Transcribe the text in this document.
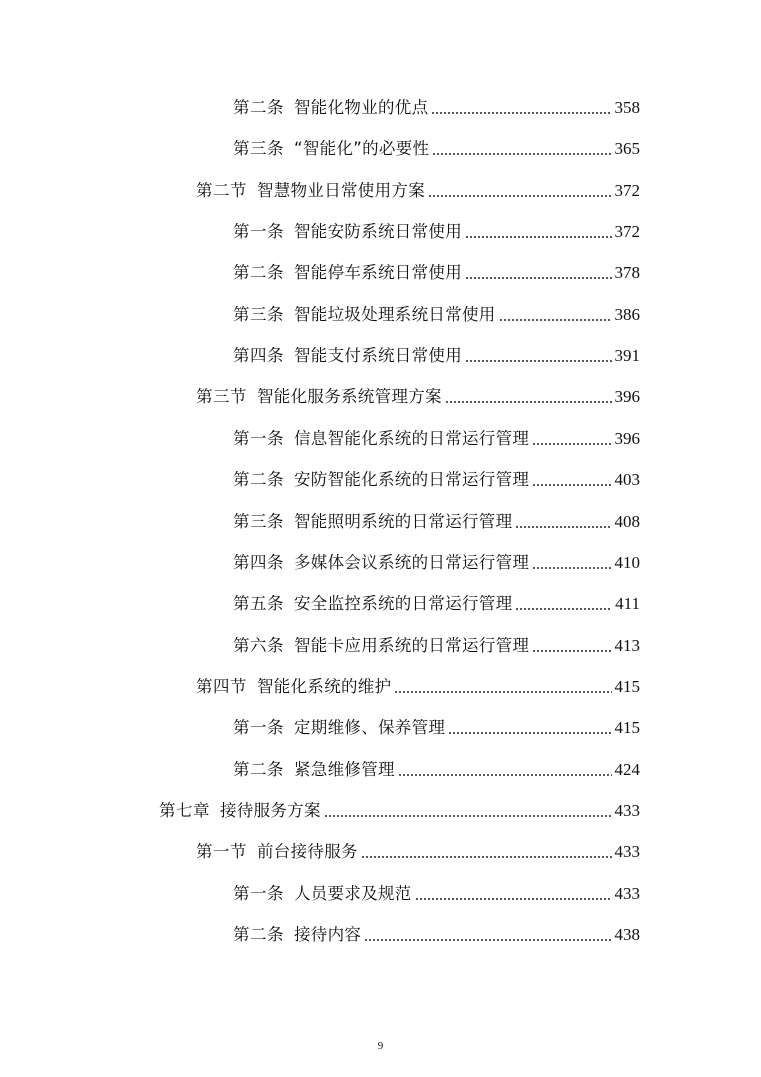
第二条 智能化物业的优点	358
第三条 “智能化”的必要性	365
第二节 智慧物业日常使用方案	372
第一条 智能安防系统日常使用	372
第二条 智能停车系统日常使用	378
第三条 智能垃圾处理系统日常使用	386
第四条 智能支付系统日常使用	391
第三节 智能化服务系统管理方案	396
第一条 信息智能化系统的日常运行管理	396
第二条 安防智能化系统的日常运行管理	403
第三条 智能照明系统的日常运行管理	408
第四条 多媒体会议系统的日常运行管理	410
第五条 安全监控系统的日常运行管理	411
第六条 智能卡应用系统的日常运行管理	413
第四节 智能化系统的维护	415
第一条 定期维修、保养管理	415
第二条 紧急维修管理	424
第七章 接待服务方案	433
第一节 前台接待服务	433
第一条 人员要求及规范	433
第二条 接待内容	438
9
